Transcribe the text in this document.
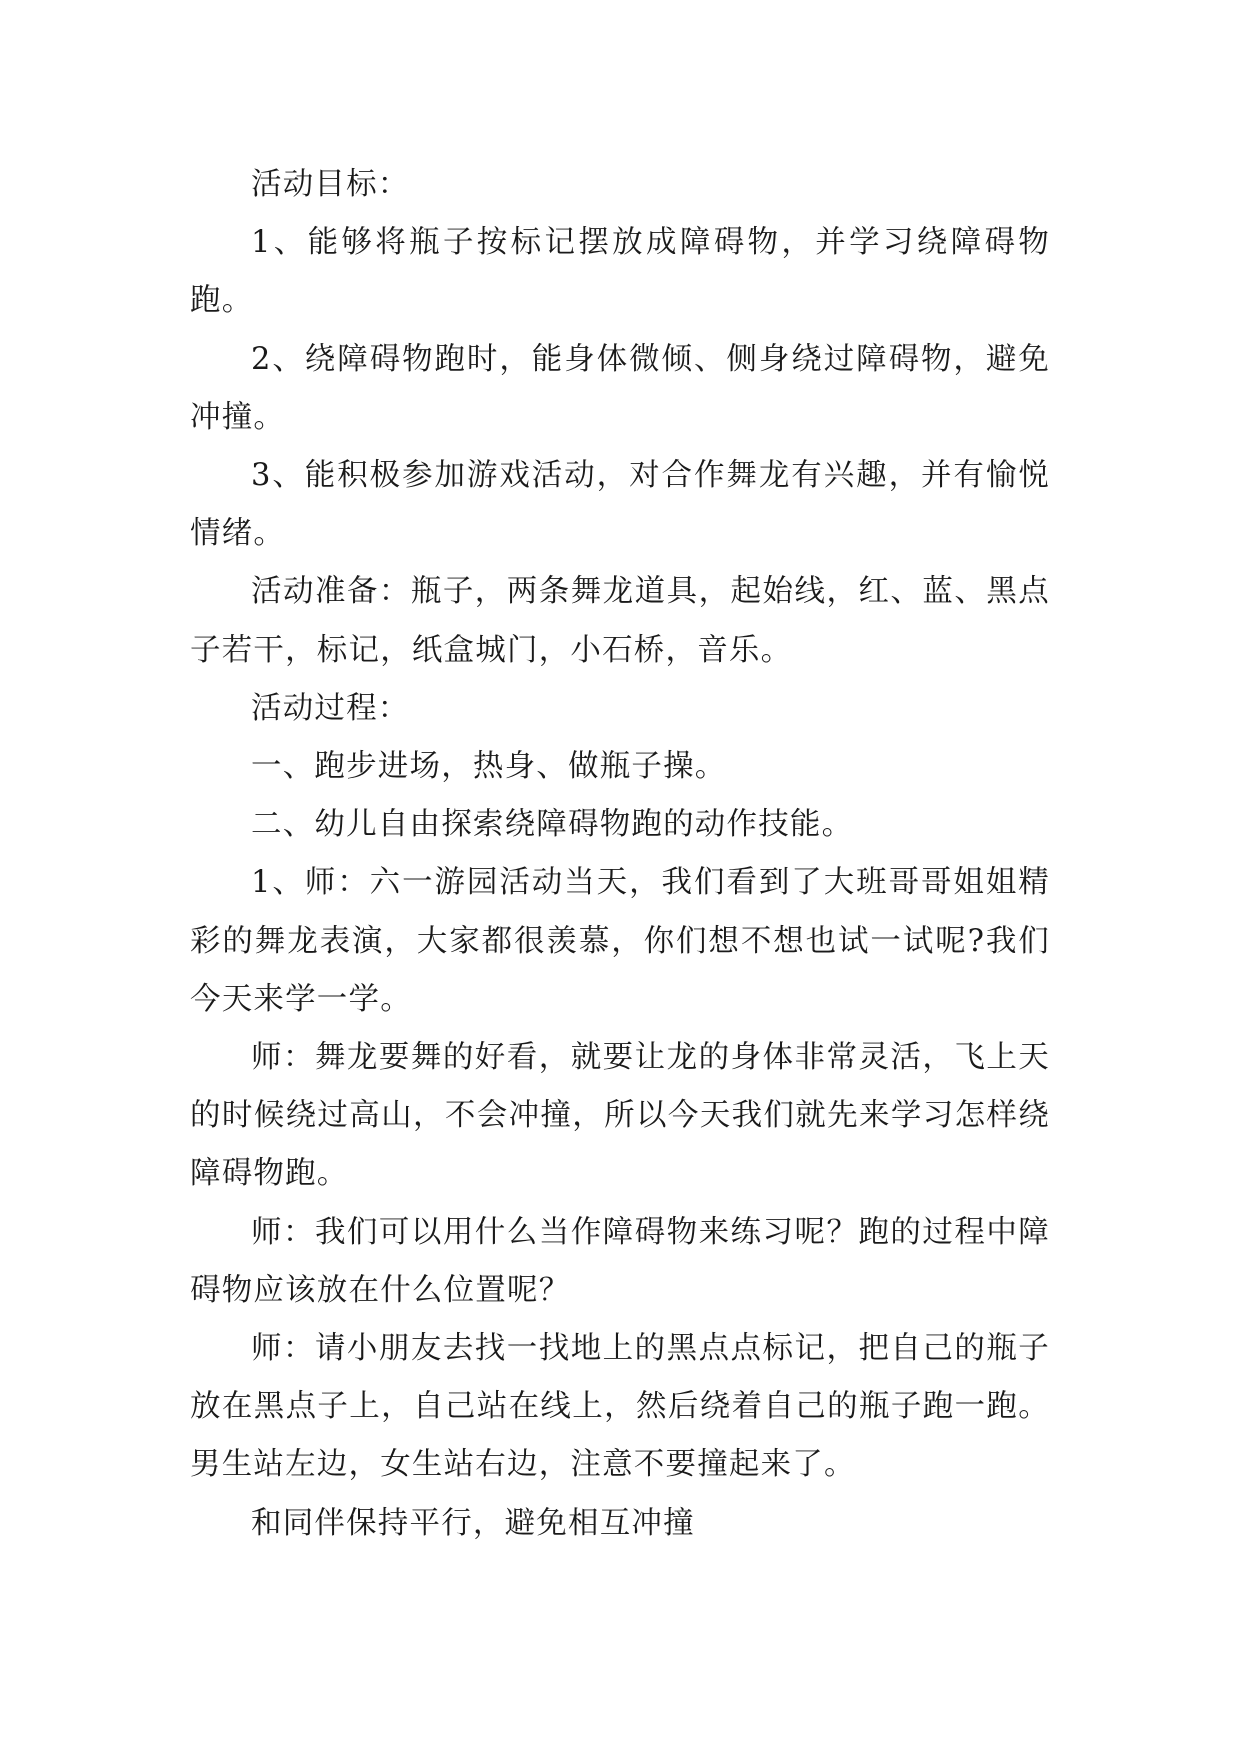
活动目标：

1、能够将瓶子按标记摆放成障碍物，并学习绕障碍物跑。

2、绕障碍物跑时，能身体微倾、侧身绕过障碍物，避免冲撞。

3、能积极参加游戏活动，对合作舞龙有兴趣，并有愉悦情绪。

活动准备：瓶子，两条舞龙道具，起始线，红、蓝、黑点子若干，标记，纸盒城门，小石桥，音乐。

活动过程：

一、跑步进场，热身、做瓶子操。

二、幼儿自由探索绕障碍物跑的动作技能。

1、师：六一游园活动当天，我们看到了大班哥哥姐姐精彩的舞龙表演，大家都很羡慕，你们想不想也试一试呢?我们今天来学一学。

师：舞龙要舞的好看，就要让龙的身体非常灵活，飞上天的时候绕过高山，不会冲撞，所以今天我们就先来学习怎样绕障碍物跑。

师：我们可以用什么当作障碍物来练习呢？跑的过程中障碍物应该放在什么位置呢？

师：请小朋友去找一找地上的黑点点标记，把自己的瓶子放在黑点子上，自己站在线上，然后绕着自己的瓶子跑一跑。男生站左边，女生站右边，注意不要撞起来了。

和同伴保持平行，避免相互冲撞
